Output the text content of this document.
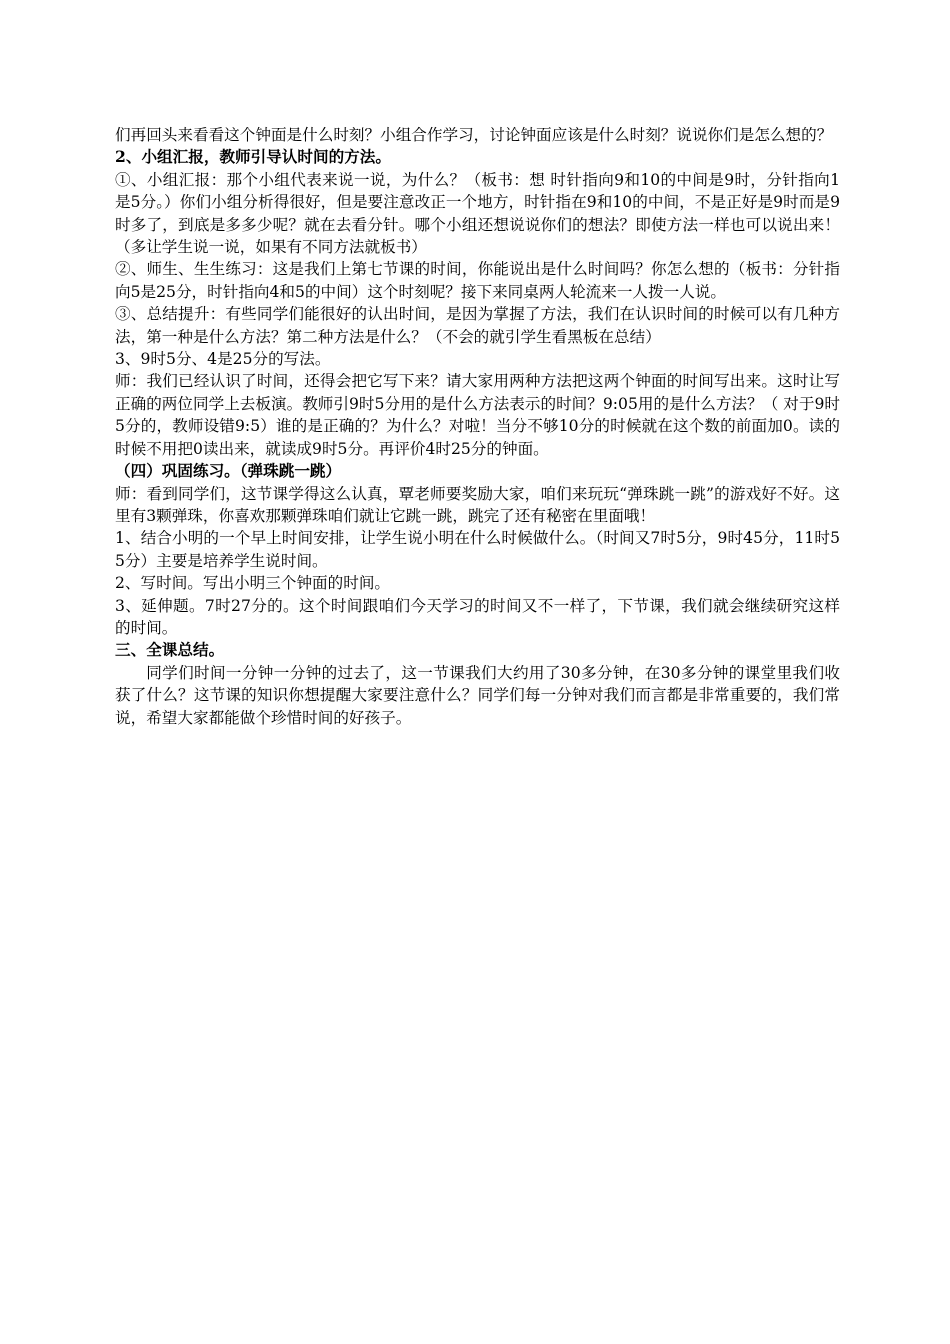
们再回头来看看这个钟面是什么时刻？小组合作学习，讨论钟面应该是什么时刻？说说你们是怎么想的？

2、小组汇报，教师引导认时间的方法。

①、小组汇报：那个小组代表来说一说，为什么？（板书：想 时针指向9和10的中间是9时，分针指向1是5分。）你们小组分析得很好，但是要注意改正一个地方，时针指在9和10的中间，不是正好是9时而是9时多了，到底是多多少呢？就在去看分针。哪个小组还想说说你们的想法？即使方法一样也可以说出来！（多让学生说一说，如果有不同方法就板书）

②、师生、生生练习：这是我们上第七节课的时间，你能说出是什么时间吗？你怎么想的（板书：分针指向5是25分，时针指向4和5的中间）这个时刻呢？接下来同桌两人轮流来一人拨一人说。

③、总结提升：有些同学们能很好的认出时间，是因为掌握了方法，我们在认识时间的时候可以有几种方法，第一种是什么方法？第二种方法是什么？（不会的就引学生看黑板在总结）

3、9时5分、4是25分的写法。

师：我们已经认识了时间，还得会把它写下来？请大家用两种方法把这两个钟面的时间写出来。这时让写正确的两位同学上去板演。教师引9时5分用的是什么方法表示的时间？9:05用的是什么方法？（ 对于9时5分的，教师设错9:5）谁的是正确的？为什么？对啦！当分不够10分的时候就在这个数的前面加0。读的时候不用把0读出来，就读成9时5分。再评价4时25分的钟面。

（四）巩固练习。（弹珠跳一跳）

师：看到同学们，这节课学得这么认真，覃老师要奖励大家，咱们来玩玩“弹珠跳一跳”的游戏好不好。这里有3颗弹珠，你喜欢那颗弹珠咱们就让它跳一跳，跳完了还有秘密在里面哦！

1、结合小明的一个早上时间安排，让学生说小明在什么时候做什么。（时间又7时5分，9时45分，11时55分）主要是培养学生说时间。

2、写时间。写出小明三个钟面的时间。

3、延伸题。7时27分的。这个时间跟咱们今天学习的时间又不一样了，下节课，我们就会继续研究这样的时间。

三、全课总结。

同学们时间一分钟一分钟的过去了，这一节课我们大约用了30多分钟，在30多分钟的课堂里我们收获了什么？这节课的知识你想提醒大家要注意什么？同学们每一分钟对我们而言都是非常重要的，我们常说，希望大家都能做个珍惜时间的好孩子。
